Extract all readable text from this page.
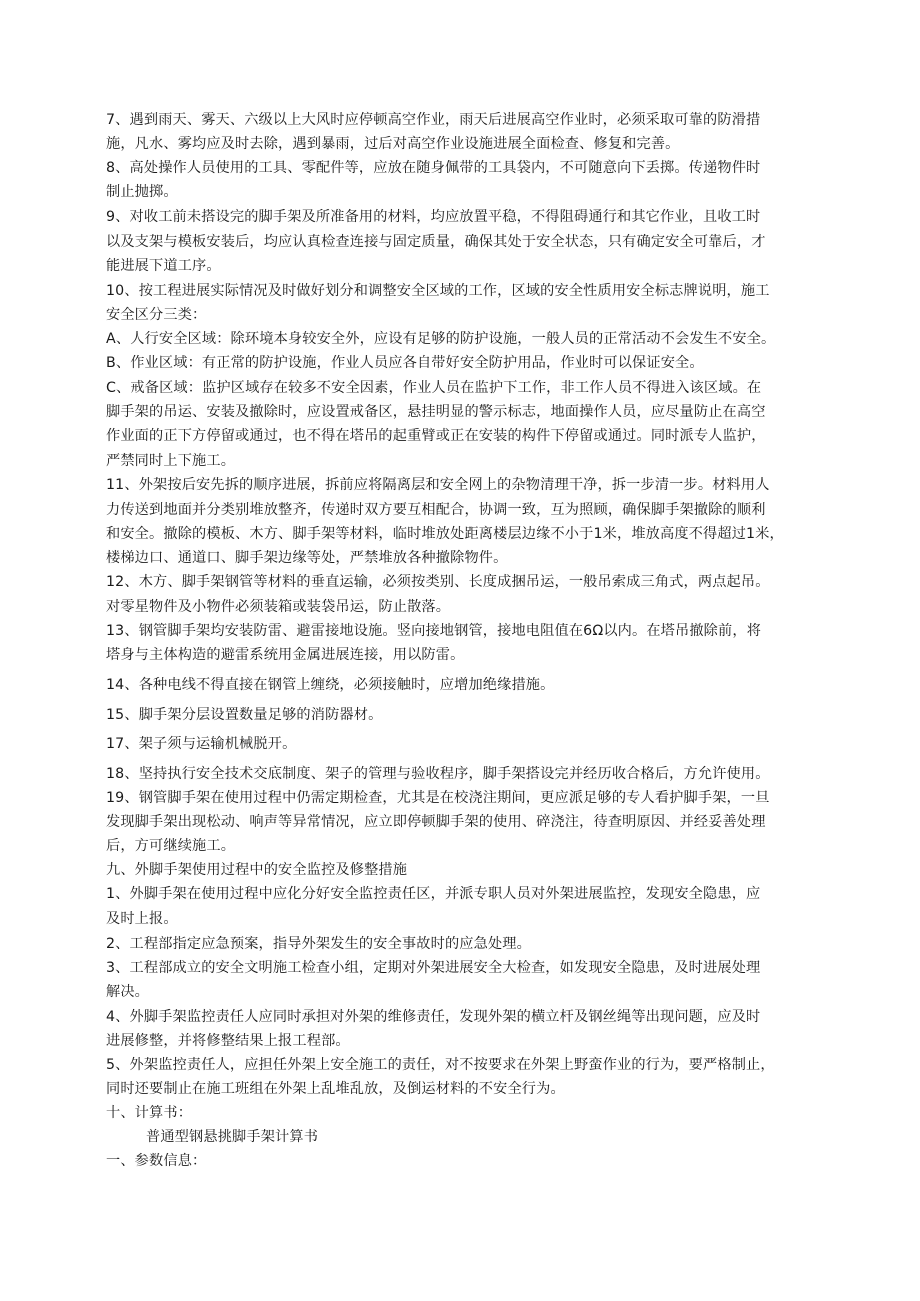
7、遇到雨天、雾天、六级以上大风时应停顿高空作业，雨天后进展高空作业时，必须采取可靠的防滑措
施，凡水、雾均应及时去除，遇到暴雨，过后对高空作业设施进展全面检查、修复和完善。
8、高处操作人员使用的工具、零配件等，应放在随身佩带的工具袋内，不可随意向下丢掷。传递物件时
制止抛掷。
9、对收工前未搭设完的脚手架及所准备用的材料，均应放置平稳，不得阻碍通行和其它作业，且收工时
以及支架与模板安装后，均应认真检查连接与固定质量，确保其处于安全状态，只有确定安全可靠后，才
能进展下道工序。
10、按工程进展实际情况及时做好划分和调整安全区域的工作，区域的安全性质用安全标志牌说明，施工
安全区分三类：
A、人行安全区域：除环境本身较安全外，应设有足够的防护设施，一般人员的正常活动不会发生不安全。
B、作业区域：有正常的防护设施，作业人员应各自带好安全防护用品，作业时可以保证安全。
C、戒备区域：监护区域存在较多不安全因素，作业人员在监护下工作，非工作人员不得进入该区域。在
脚手架的吊运、安装及撤除时，应设置戒备区，悬挂明显的警示标志，地面操作人员，应尽量防止在高空
作业面的正下方停留或通过，也不得在塔吊的起重臂或正在安装的构件下停留或通过。同时派专人监护，
严禁同时上下施工。
11、外架按后安先拆的顺序进展，拆前应将隔离层和安全网上的杂物清理干净，拆一步清一步。材料用人
力传送到地面并分类别堆放整齐，传递时双方要互相配合，协调一致，互为照顾，确保脚手架撤除的顺利
和安全。撤除的模板、木方、脚手架等材料，临时堆放处距离楼层边缘不小于1米，堆放高度不得超过1米，
楼梯边口、通道口、脚手架边缘等处，严禁堆放各种撤除物件。
12、木方、脚手架钢管等材料的垂直运输，必须按类别、长度成捆吊运，一般吊索成三角式，两点起吊。
对零星物件及小物件必须装箱或装袋吊运，防止散落。
13、钢管脚手架均安装防雷、避雷接地设施。竖向接地钢管，接地电阻值在6Ω以内。在塔吊撤除前，将
塔身与主体构造的避雷系统用金属进展连接，用以防雷。
14、各种电线不得直接在钢管上缠绕，必须接触时，应增加绝缘措施。
15、脚手架分层设置数量足够的消防器材。
17、架子须与运输机械脱开。
18、坚持执行安全技术交底制度、架子的管理与验收程序，脚手架搭设完并经历收合格后，方允许使用。
19、钢管脚手架在使用过程中仍需定期检查，尤其是在校浇注期间，更应派足够的专人看护脚手架，一旦
发现脚手架出现松动、响声等异常情况，应立即停顿脚手架的使用、碎浇注，待查明原因、并经妥善处理
后，方可继续施工。
九、外脚手架使用过程中的安全监控及修整措施
1、外脚手架在使用过程中应化分好安全监控责任区，并派专职人员对外架进展监控，发现安全隐患，应
及时上报。
2、工程部指定应急预案，指导外架发生的安全事故时的应急处理。
3、工程部成立的安全文明施工检查小组，定期对外架进展安全大检查，如发现安全隐患，及时进展处理
解决。
4、外脚手架监控责任人应同时承担对外架的维修责任，发现外架的横立杆及钢丝绳等出现问题，应及时
进展修整，并将修整结果上报工程部。
5、外架监控责任人，应担任外架上安全施工的责任，对不按要求在外架上野蛮作业的行为，要严格制止，
同时还要制止在施工班组在外架上乱堆乱放，及倒运材料的不安全行为。
十、计算书：
普通型钢悬挑脚手架计算书
一、参数信息：
